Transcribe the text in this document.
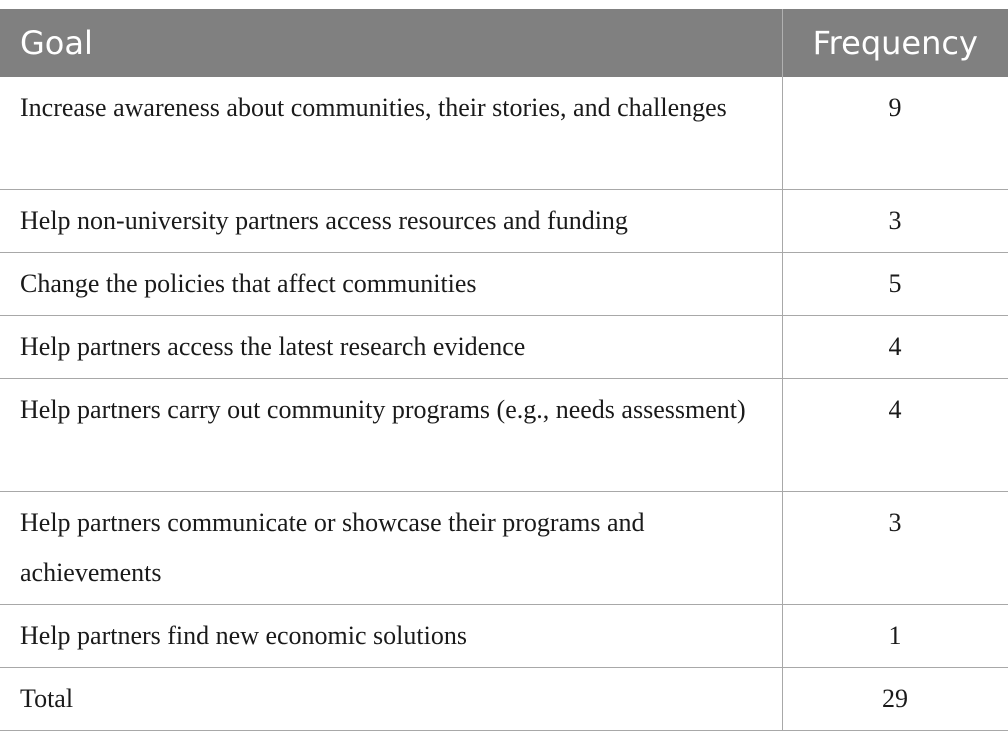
Goal	Frequency
Increase awareness about communities, their stories, and challenges	9
Help non-university partners access resources and funding	3
Change the policies that affect communities	5
Help partners access the latest research evidence	4
Help partners carry out community programs (e.g., needs assessment)	4
Help partners communicate or showcase their programs and achievements	3
Help partners find new economic solutions	1
Total	29
